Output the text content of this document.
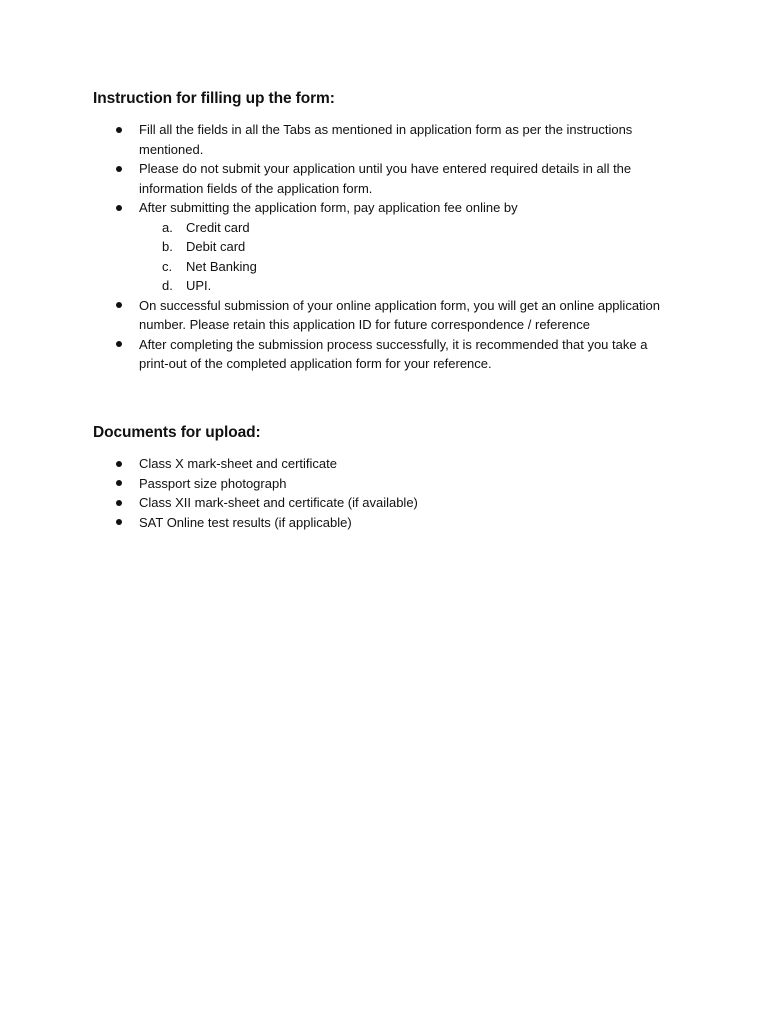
Instruction for filling up the form:
Fill all the fields in all the Tabs as mentioned in application form as per the instructions mentioned.
Please do not submit your application until you have entered required details in all the information fields of the application form.
After submitting the application form, pay application fee online by
a. Credit card
b. Debit card
c. Net Banking
d. UPI.
On successful submission of your online application form, you will get an online application number. Please retain this application ID for future correspondence / reference
After completing the submission process successfully, it is recommended that you take a print-out of the completed application form for your reference.
Documents for upload:
Class X mark-sheet and certificate
Passport size photograph
Class XII mark-sheet and certificate (if available)
SAT Online test results (if applicable)
